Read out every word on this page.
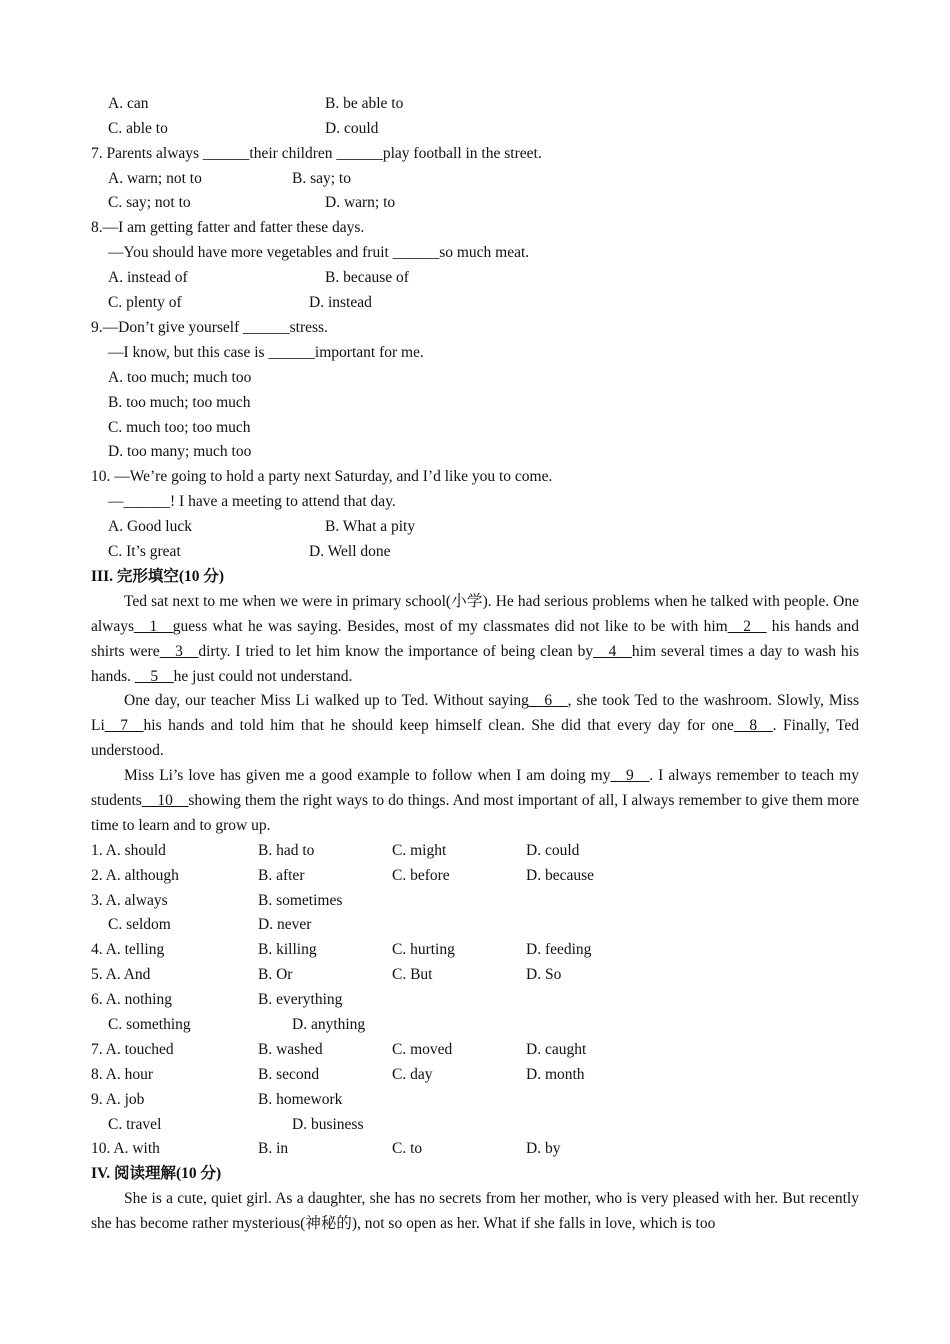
A. can	B. be able to
C. able to	D. could
7. Parents always ______their children ______play football in the street.
A. warn; not to	B. say; to
C. say; not to	D. warn; to
8.—I am getting fatter and fatter these days.
—You should have more vegetables and fruit ______so much meat.
A. instead of	B. because of
C. plenty of	D. instead
9.—Don’t give yourself ______stress.
—I know, but this case is ______important for me.
A. too much; much too
B. too much; too much
C. much too; too much
D. too many; much too
10. —We’re going to hold a party next Saturday, and I’d like you to come.
—______! I have a meeting to attend that day.
A. Good luck	B. What a pity
C. It’s great	D. Well done
III. 完形填空(10 分)
Ted sat next to me when we were in primary school(小学). He had serious problems when he talked with people. One always__1__guess what he was saying. Besides, most of my classmates did not like to be with him__2__ his hands and shirts were__3__dirty. I tried to let him know the importance of being clean by__4__him several times a day to wash his hands. __5__he just could not understand.
One day, our teacher Miss Li walked up to Ted. Without saying__6__, she took Ted to the washroom. Slowly, Miss Li__7__his hands and told him that he should keep himself clean. She did that every day for one__8__. Finally, Ted understood.
Miss Li’s love has given me a good example to follow when I am doing my__9__. I always remember to teach my students__10__showing them the right ways to do things. And most important of all, I always remember to give them more time to learn and to grow up.
1. A. should	B. had to	C. might	D. could
2. A. although	B. after	C. before	D. because
3. A. always	B. sometimes
C. seldom	D. never
4. A. telling	B. killing	C. hurting	D. feeding
5. A. And	B. Or	C. But	D. So
6. A. nothing	B. everything
C. something	D. anything
7. A. touched	B. washed	C. moved	D. caught
8. A. hour	B. second	C. day	D. month
9. A. job	B. homework
C. travel	D. business
10. A. with	B. in	C. to	D. by
IV. 阅读理解(10 分)
She is a cute, quiet girl. As a daughter, she has no secrets from her mother, who is very pleased with her. But recently she has become rather mysterious(神秘的), not so open as her. What if she falls in love, which is too
